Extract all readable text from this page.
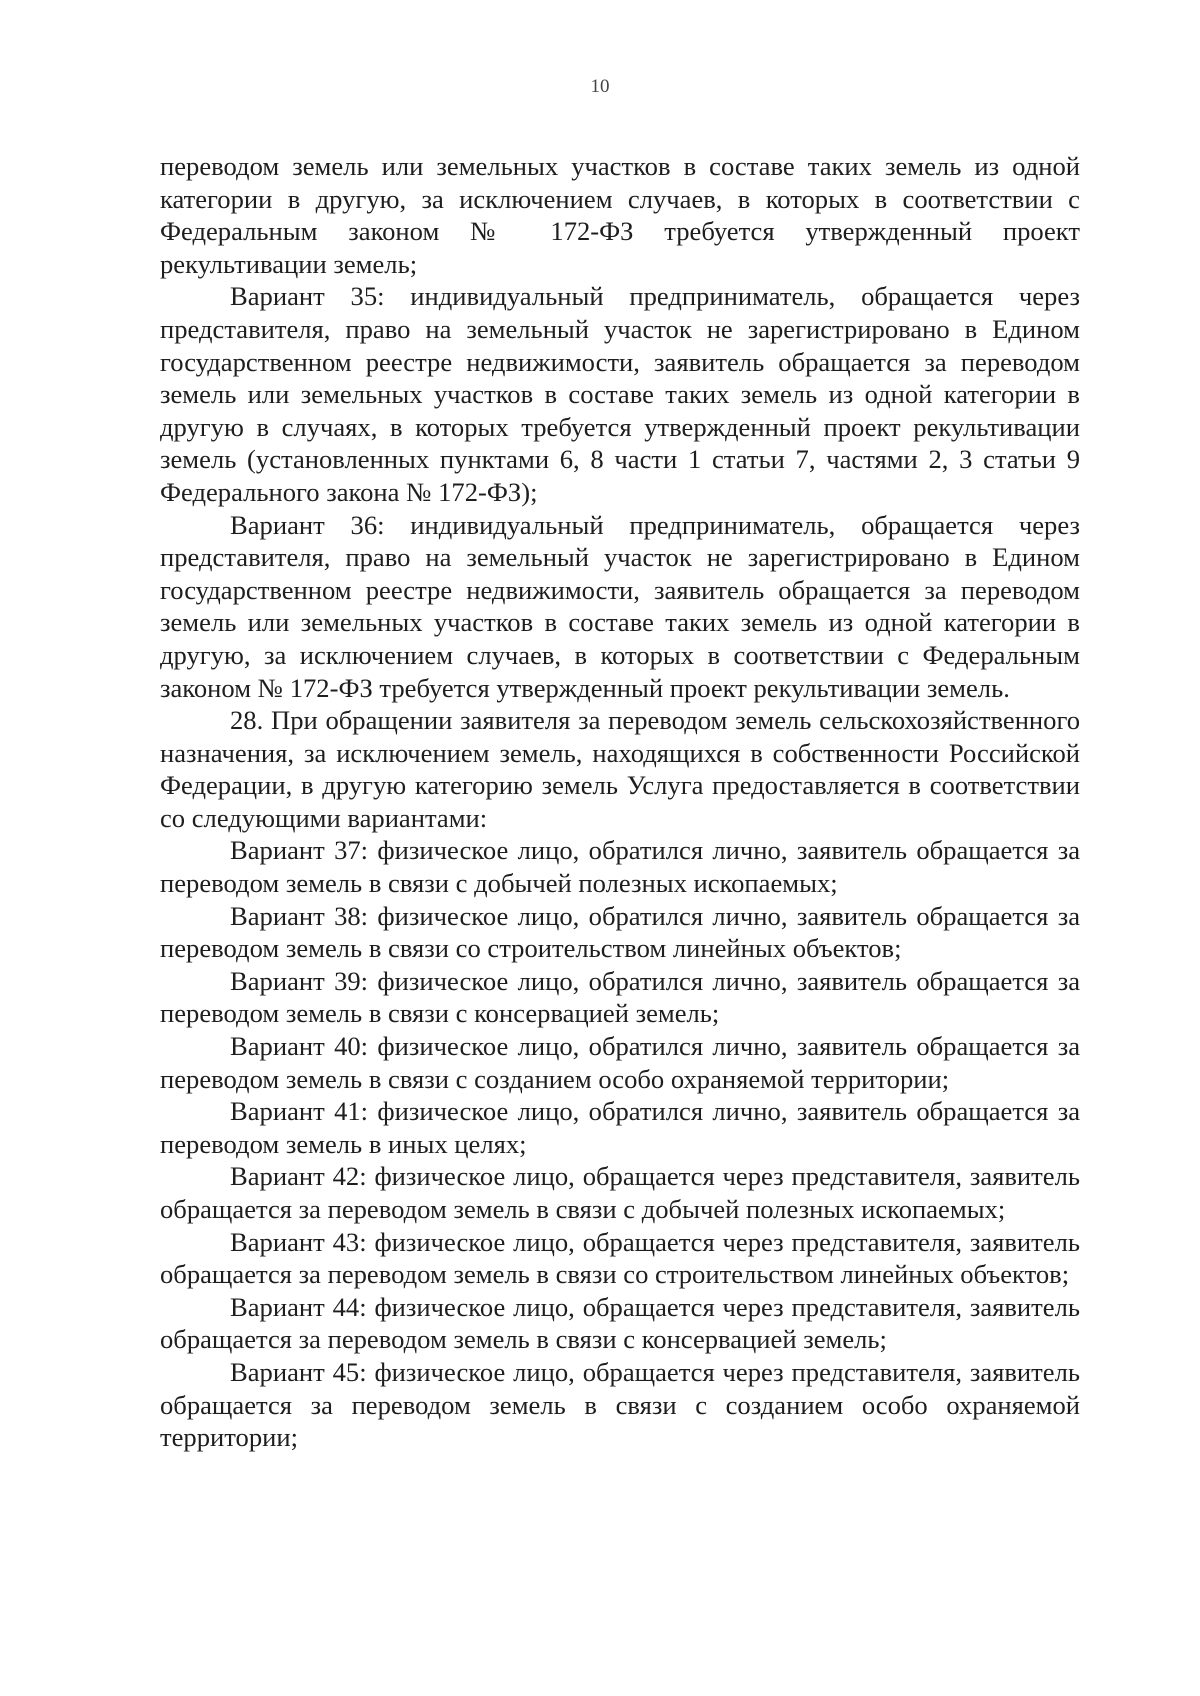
10

переводом земель или земельных участков в составе таких земель из одной категории в другую, за исключением случаев, в которых в соответствии с Федеральным законом № 172-ФЗ требуется утвержденный проект рекультивации земель;

Вариант 35: индивидуальный предприниматель, обращается через представителя, право на земельный участок не зарегистрировано в Едином государственном реестре недвижимости, заявитель обращается за переводом земель или земельных участков в составе таких земель из одной категории в другую в случаях, в которых требуется утвержденный проект рекультивации земель (установленных пунктами 6, 8 части 1 статьи 7, частями 2, 3 статьи 9 Федерального закона № 172-ФЗ);

Вариант 36: индивидуальный предприниматель, обращается через представителя, право на земельный участок не зарегистрировано в Едином государственном реестре недвижимости, заявитель обращается за переводом земель или земельных участков в составе таких земель из одной категории в другую, за исключением случаев, в которых в соответствии с Федеральным законом № 172-ФЗ требуется утвержденный проект рекультивации земель.

28. При обращении заявителя за переводом земель сельскохозяйственного назначения, за исключением земель, находящихся в собственности Российской Федерации, в другую категорию земель Услуга предоставляется в соответствии со следующими вариантами:

Вариант 37: физическое лицо, обратился лично, заявитель обращается за переводом земель в связи с добычей полезных ископаемых;

Вариант 38: физическое лицо, обратился лично, заявитель обращается за переводом земель в связи со строительством линейных объектов;

Вариант 39: физическое лицо, обратился лично, заявитель обращается за переводом земель в связи с консервацией земель;

Вариант 40: физическое лицо, обратился лично, заявитель обращается за переводом земель в связи с созданием особо охраняемой территории;

Вариант 41: физическое лицо, обратился лично, заявитель обращается за переводом земель в иных целях;

Вариант 42: физическое лицо, обращается через представителя, заявитель обращается за переводом земель в связи с добычей полезных ископаемых;

Вариант 43: физическое лицо, обращается через представителя, заявитель обращается за переводом земель в связи со строительством линейных объектов;

Вариант 44: физическое лицо, обращается через представителя, заявитель обращается за переводом земель в связи с консервацией земель;

Вариант 45: физическое лицо, обращается через представителя, заявитель обращается за переводом земель в связи с созданием особо охраняемой территории;
